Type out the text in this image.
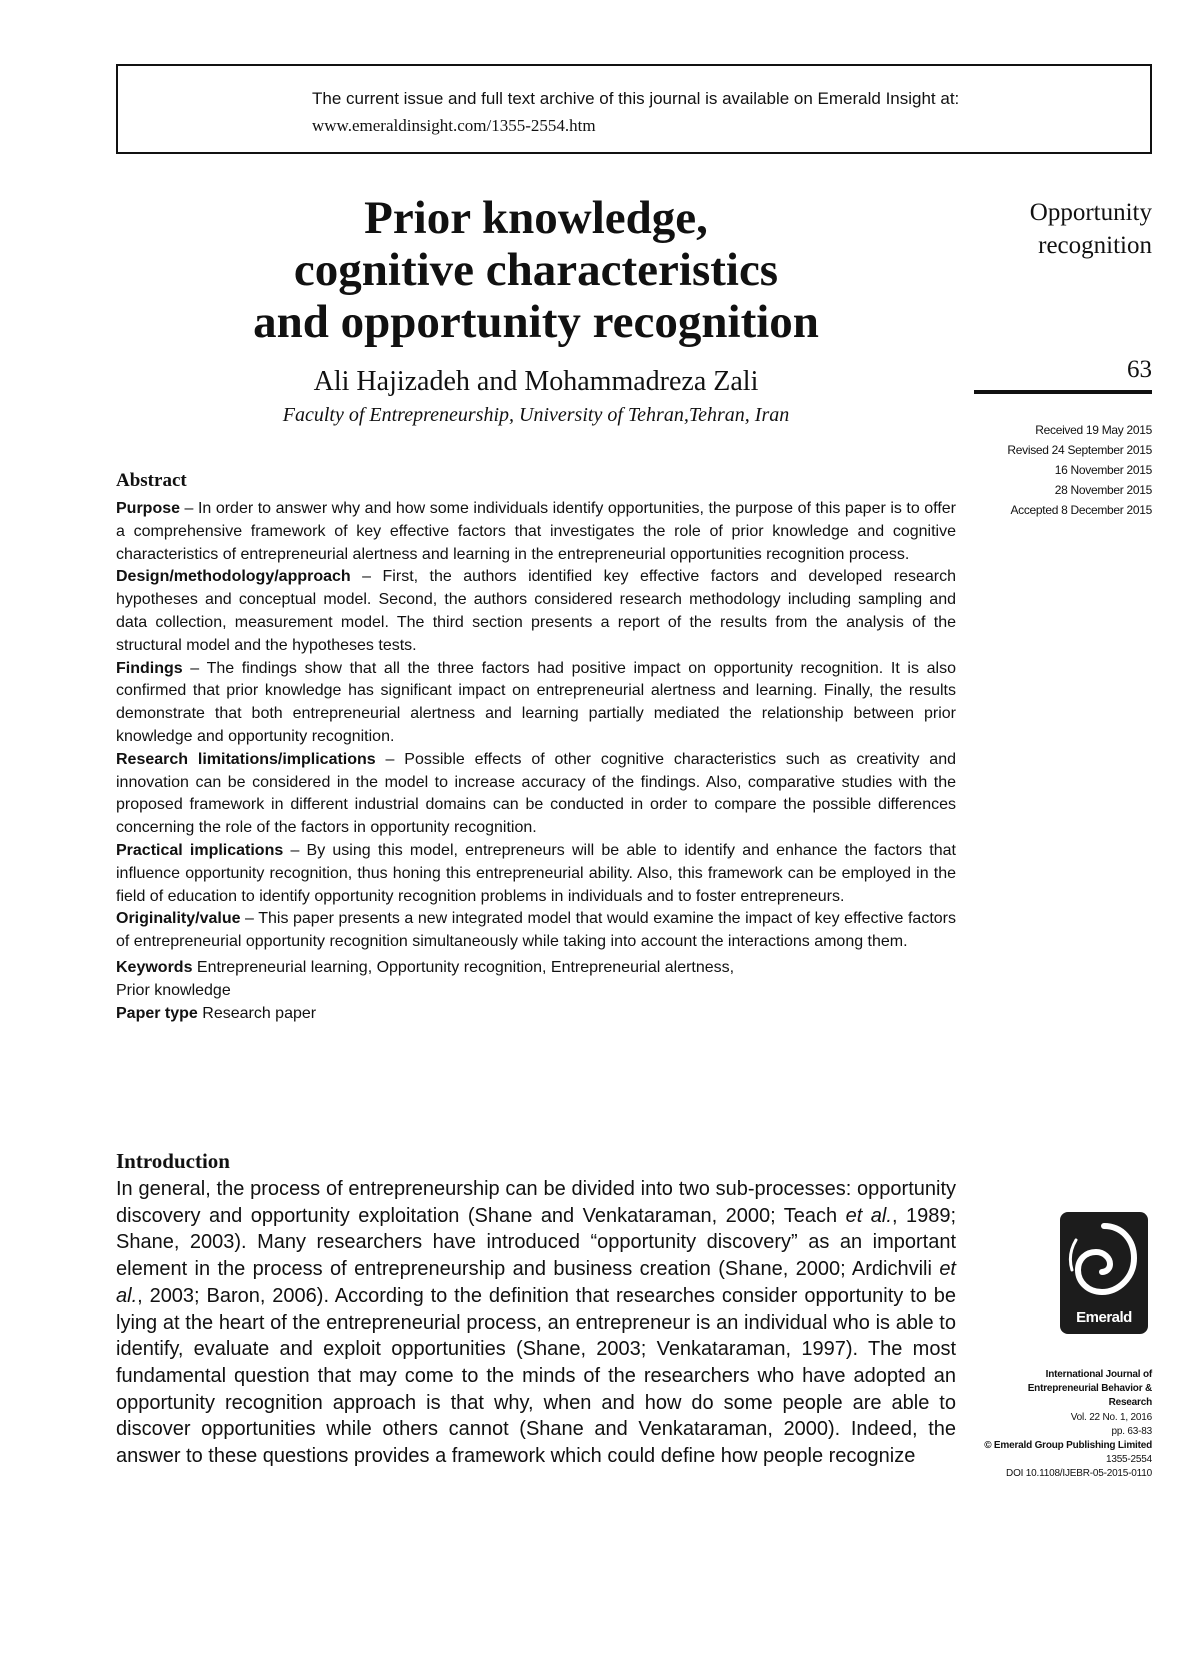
The current issue and full text archive of this journal is available on Emerald Insight at:
www.emeraldinsight.com/1355-2554.htm
Prior knowledge,
cognitive characteristics
and opportunity recognition
Ali Hajizadeh and Mohammadreza Zali
Faculty of Entrepreneurship, University of Tehran,Tehran, Iran
Opportunity
recognition
63
Received 19 May 2015
Revised 24 September 2015
16 November 2015
28 November 2015
Accepted 8 December 2015
Abstract

Purpose – In order to answer why and how some individuals identify opportunities, the purpose of this paper is to offer a comprehensive framework of key effective factors that investigates the role of prior knowledge and cognitive characteristics of entrepreneurial alertness and learning in the entrepreneurial opportunities recognition process.

Design/methodology/approach – First, the authors identified key effective factors and developed research hypotheses and conceptual model. Second, the authors considered research methodology including sampling and data collection, measurement model. The third section presents a report of the results from the analysis of the structural model and the hypotheses tests.

Findings – The findings show that all the three factors had positive impact on opportunity recognition. It is also confirmed that prior knowledge has significant impact on entrepreneurial alertness and learning. Finally, the results demonstrate that both entrepreneurial alertness and learning partially mediated the relationship between prior knowledge and opportunity recognition.

Research limitations/implications – Possible effects of other cognitive characteristics such as creativity and innovation can be considered in the model to increase accuracy of the findings. Also, comparative studies with the proposed framework in different industrial domains can be conducted in order to compare the possible differences concerning the role of the factors in opportunity recognition.

Practical implications – By using this model, entrepreneurs will be able to identify and enhance the factors that influence opportunity recognition, thus honing this entrepreneurial ability. Also, this framework can be employed in the field of education to identify opportunity recognition problems in individuals and to foster entrepreneurs.

Originality/value – This paper presents a new integrated model that would examine the impact of key effective factors of entrepreneurial opportunity recognition simultaneously while taking into account the interactions among them.

Keywords Entrepreneurial learning, Opportunity recognition, Entrepreneurial alertness,
Prior knowledge

Paper type Research paper

Introduction

In general, the process of entrepreneurship can be divided into two sub-processes: opportunity discovery and opportunity exploitation (Shane and Venkataraman, 2000; Teach et al., 1989; Shane, 2003). Many researchers have introduced “opportunity discovery” as an important element in the process of entrepreneurship and business creation (Shane, 2000; Ardichvili et al., 2003; Baron, 2006). According to the definition that researches consider opportunity to be lying at the heart of the entrepreneurial process, an entrepreneur is an individual who is able to identify, evaluate and exploit opportunities (Shane, 2003; Venkataraman, 1997). The most fundamental question that may come to the minds of the researchers who have adopted an opportunity recognition approach is that why, when and how do some people are able to discover opportunities while others cannot (Shane and Venkataraman, 2000). Indeed, the answer to these questions provides a framework which could define how people recognize

Emerald
International Journal of
Entrepreneurial Behavior &
Research
Vol. 22 No. 1, 2016
pp. 63-83
© Emerald Group Publishing Limited
1355-2554
DOI 10.1108/IJEBR-05-2015-0110
